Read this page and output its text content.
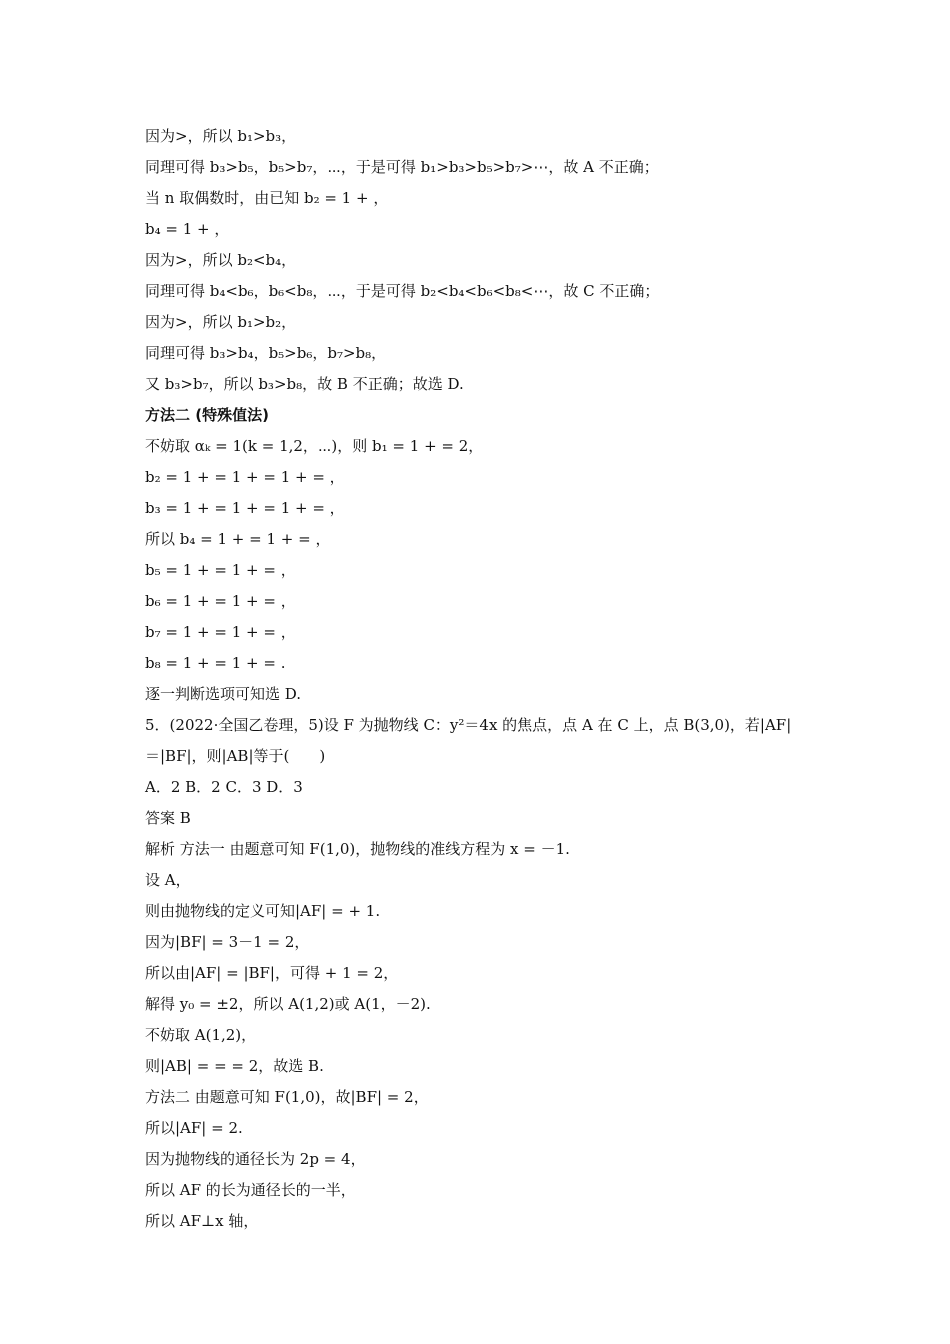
因为>，所以 b₁>b₃，
同理可得 b₃>b₅，b₅>b₇，⋯，于是可得 b₁>b₃>b₅>b₇>⋯，故 A 不正确；
当 n 取偶数时，由已知 b₂ = 1 + ，
b₄ = 1 + ，
因为>，所以 b₂<b₄，
同理可得 b₄<b₆，b₆<b₈，⋯，于是可得 b₂<b₄<b₆<b₈<⋯，故 C 不正确；
因为>，所以 b₁>b₂，
同理可得 b₃>b₄，b₅>b₆，b₇>b₈，
又 b₃>b₇，所以 b₃>b₈，故 B 不正确；故选 D.
方法二 (特殊值法)
不妨取 αₖ = 1(k = 1,2，⋯)，则 b₁ = 1 + = 2，
b₂ = 1 + = 1 + = 1 + = ，
b₃ = 1 + = 1 + = 1 + = ，
所以 b₄ = 1 + = 1 + = ，
b₅ = 1 + = 1 + = ，
b₆ = 1 + = 1 + = ，
b₇ = 1 + = 1 + = ，
b₈ = 1 + = 1 + = .
逐一判断选项可知选 D.
5．(2022·全国乙卷理，5)设 F 为抛物线 C：y²＝4x 的焦点，点 A 在 C 上，点 B(3,0)，若|AF|＝|BF|，则|AB|等于(　　)
A．2 B．2 C．3 D．3
答案 B
解析 方法一 由题意可知 F(1,0)，抛物线的准线方程为 x = －1.
设 A，
则由抛物线的定义可知|AF| = + 1.
因为|BF| = 3－1 = 2，
所以由|AF| = |BF|，可得 + 1 = 2，
解得 y₀ = ±2，所以 A(1,2)或 A(1，－2).
不妨取 A(1,2)，
则|AB| = = = 2，故选 B.
方法二 由题意可知 F(1,0)，故|BF| = 2，
所以|AF| = 2.
因为抛物线的通径长为 2p = 4，
所以 AF 的长为通径长的一半，
所以 AF⊥x 轴，
